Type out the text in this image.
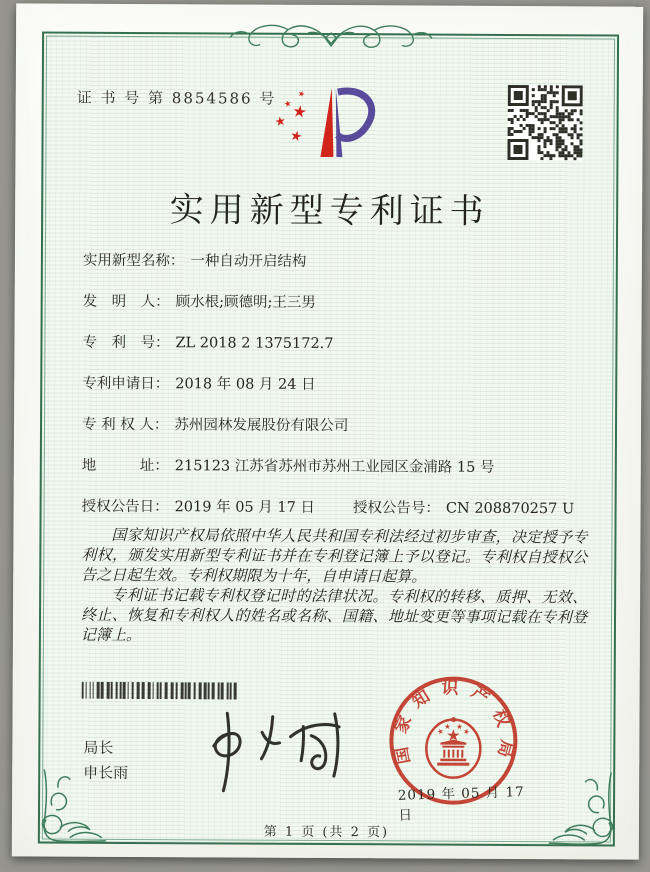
证 书 号 第 8854586 号
实用新型专利证书
实用新型名称： 一种自动开启结构
发　明　人： 顾水根;顾德明;王三男
专　利　号： ZL 2018 2 1375172.7
专利申请日： 2018 年 08 月 24 日
专 利 权 人： 苏州园林发展股份有限公司
地　　　址： 215123 江苏省苏州市苏州工业园区金浦路 15 号
授权公告日： 2019 年 05 月 17 日	授权公告号： CN 208870257 U

国家知识产权局依照中华人民共和国专利法经过初步审查，决定授予专利权，颁发实用新型专利证书并在专利登记簿上予以登记。专利权自授权公告之日起生效。专利权期限为十年，自申请日起算。

专利证书记载专利权登记时的法律状况。专利权的转移、质押、无效、终止、恢复和专利权人的姓名或名称、国籍、地址变更等事项记载在专利登记簿上。

局长
申长雨
国家知识产权局
2019 年 05 月 17 日
第 1 页 (共 2 页)
